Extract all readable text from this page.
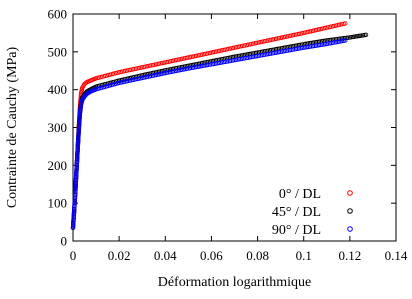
0 0.02 0.04 0.06 0.08 0.1 0.12 0.14
0
100
200
300
400
500
600
0° / DL
45° / DL
90° / DL
Déformation logarithmique
Contrainte de Cauchy (MPa)
